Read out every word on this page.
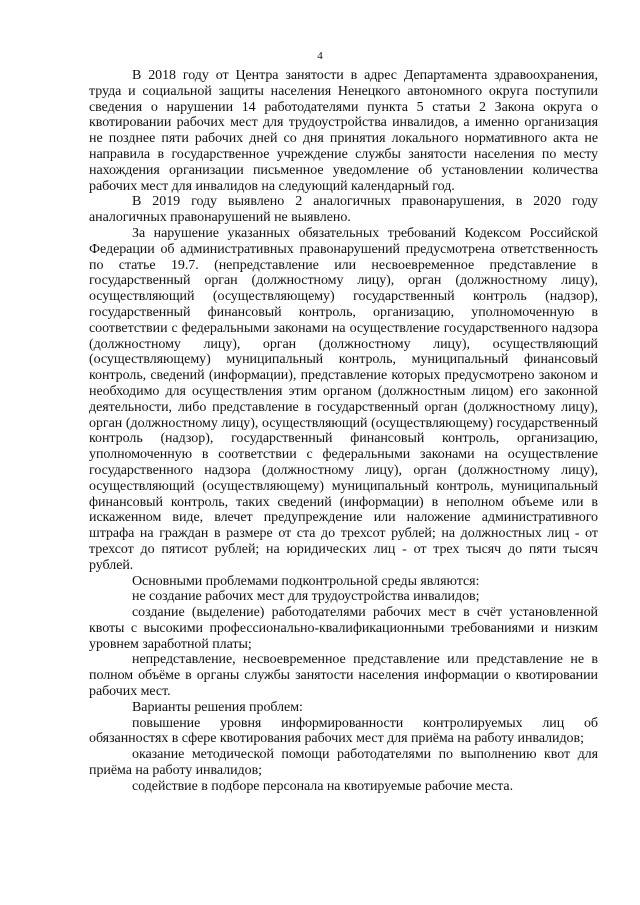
4

В 2018 году от Центра занятости в адрес Департамента здравоохранения, труда и социальной защиты населения Ненецкого автономного округа поступили сведения о нарушении 14 работодателями пункта 5 статьи 2 Закона округа о квотировании рабочих мест для трудоустройства инвалидов, а именно организация не позднее пяти рабочих дней со дня принятия локального нормативного акта не направила в государственное учреждение службы занятости населения по месту нахождения организации письменное уведомление об установлении количества рабочих мест для инвалидов на следующий календарный год.

В 2019 году выявлено 2 аналогичных правонарушения, в 2020 году аналогичных правонарушений не выявлено.

За нарушение указанных обязательных требований Кодексом Российской Федерации об административных правонарушений предусмотрена ответственность по статье 19.7. (непредставление или несвоевременное представление в государственный орган (должностному лицу), орган (должностному лицу), осуществляющий (осуществляющему) государственный контроль (надзор), государственный финансовый контроль, организацию, уполномоченную в соответствии с федеральными законами на осуществление государственного надзора (должностному лицу), орган (должностному лицу), осуществляющий (осуществляющему) муниципальный контроль, муниципальный финансовый контроль, сведений (информации), представление которых предусмотрено законом и необходимо для осуществления этим органом (должностным лицом) его законной деятельности, либо представление в государственный орган (должностному лицу), орган (должностному лицу), осуществляющий (осуществляющему) государственный контроль (надзор), государственный финансовый контроль, организацию, уполномоченную в соответствии с федеральными законами на осуществление государственного надзора (должностному лицу), орган (должностному лицу), осуществляющий (осуществляющему) муниципальный контроль, муниципальный финансовый контроль, таких сведений (информации) в неполном объеме или в искаженном виде, влечет предупреждение или наложение административного штрафа на граждан в размере от ста до трехсот рублей; на должностных лиц - от трехсот до пятисот рублей; на юридических лиц - от трех тысяч до пяти тысяч рублей.

Основными проблемами подконтрольной среды являются:

не создание рабочих мест для трудоустройства инвалидов;

создание (выделение) работодателями рабочих мест в счёт установленной квоты с высокими профессионально-квалификационными требованиями и низким уровнем заработной платы;

непредставление, несвоевременное представление или представление не в полном объёме в органы службы занятости населения информации о квотировании рабочих мест.

Варианты решения проблем:

повышение уровня информированности контролируемых лиц об обязанностях в сфере квотирования рабочих мест для приёма на работу инвалидов;

оказание методической помощи работодателями по выполнению квот для приёма на работу инвалидов;

содействие в подборе персонала на квотируемые рабочие места.
